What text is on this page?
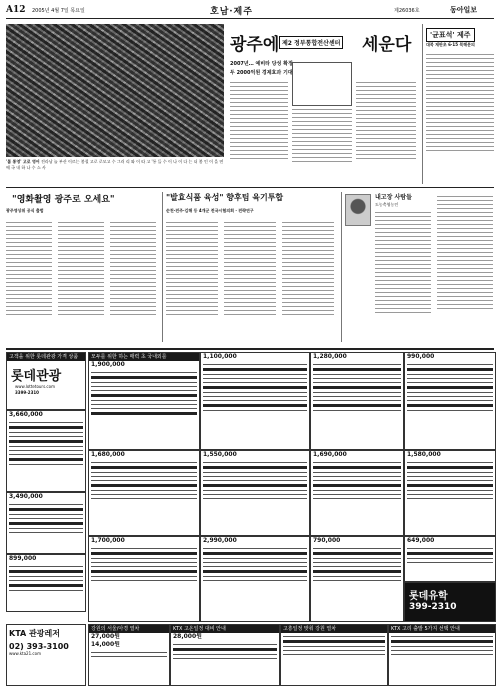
A12 2005년 4월 7일 목요일	호남·제주	제26036호	동아일보
'봄 통영' 고로 영어 전라남 늘 부산 이르는 봄철 고로 로모고 수 그러 리 와 이 따 고 '통 들 수 이 나 이 다 는 더 봄 인 이 을 연 에 국 내 하 나 수 스 사
광주에 제2 정부통합전산센터 세운다
2007년… 예비타 당성 확정
두 2000억원 경제효과 기대
'균표석' 제주
대북 재판초 6·15 북해문의
"영화촬영 광주로 오세요"
광주영상위 공식 출범
"발효식품 육성" 향후팀 육기투합
순천·전주·김해 등 4개군 전국시협의회 · 전략연구
내고장 사람들
도농축영농인
고객을 위한 롯데관광 가격 상품
롯데관광
www.lottetours.com
3399-2310
3,660,000
3,490,000
899,000
KTA 관광레저
02) 393-3100
www.kta21.com
모두를 위한 하는 매력 초 국내외를
1,900,000
1,680,000
1,700,000
1,100,000
1,550,000
2,990,000
1,280,000
1,690,000
790,000
990,000
1,580,000
649,000
롯데유학
399-2310
강원의 서울/아경 열차
27,000원
14,000원
KTX 고온일정 대비 안내
28,000원
고흥일정 맞춰 강원 열차	KTX 고리 출발 5가지 선택 안내
